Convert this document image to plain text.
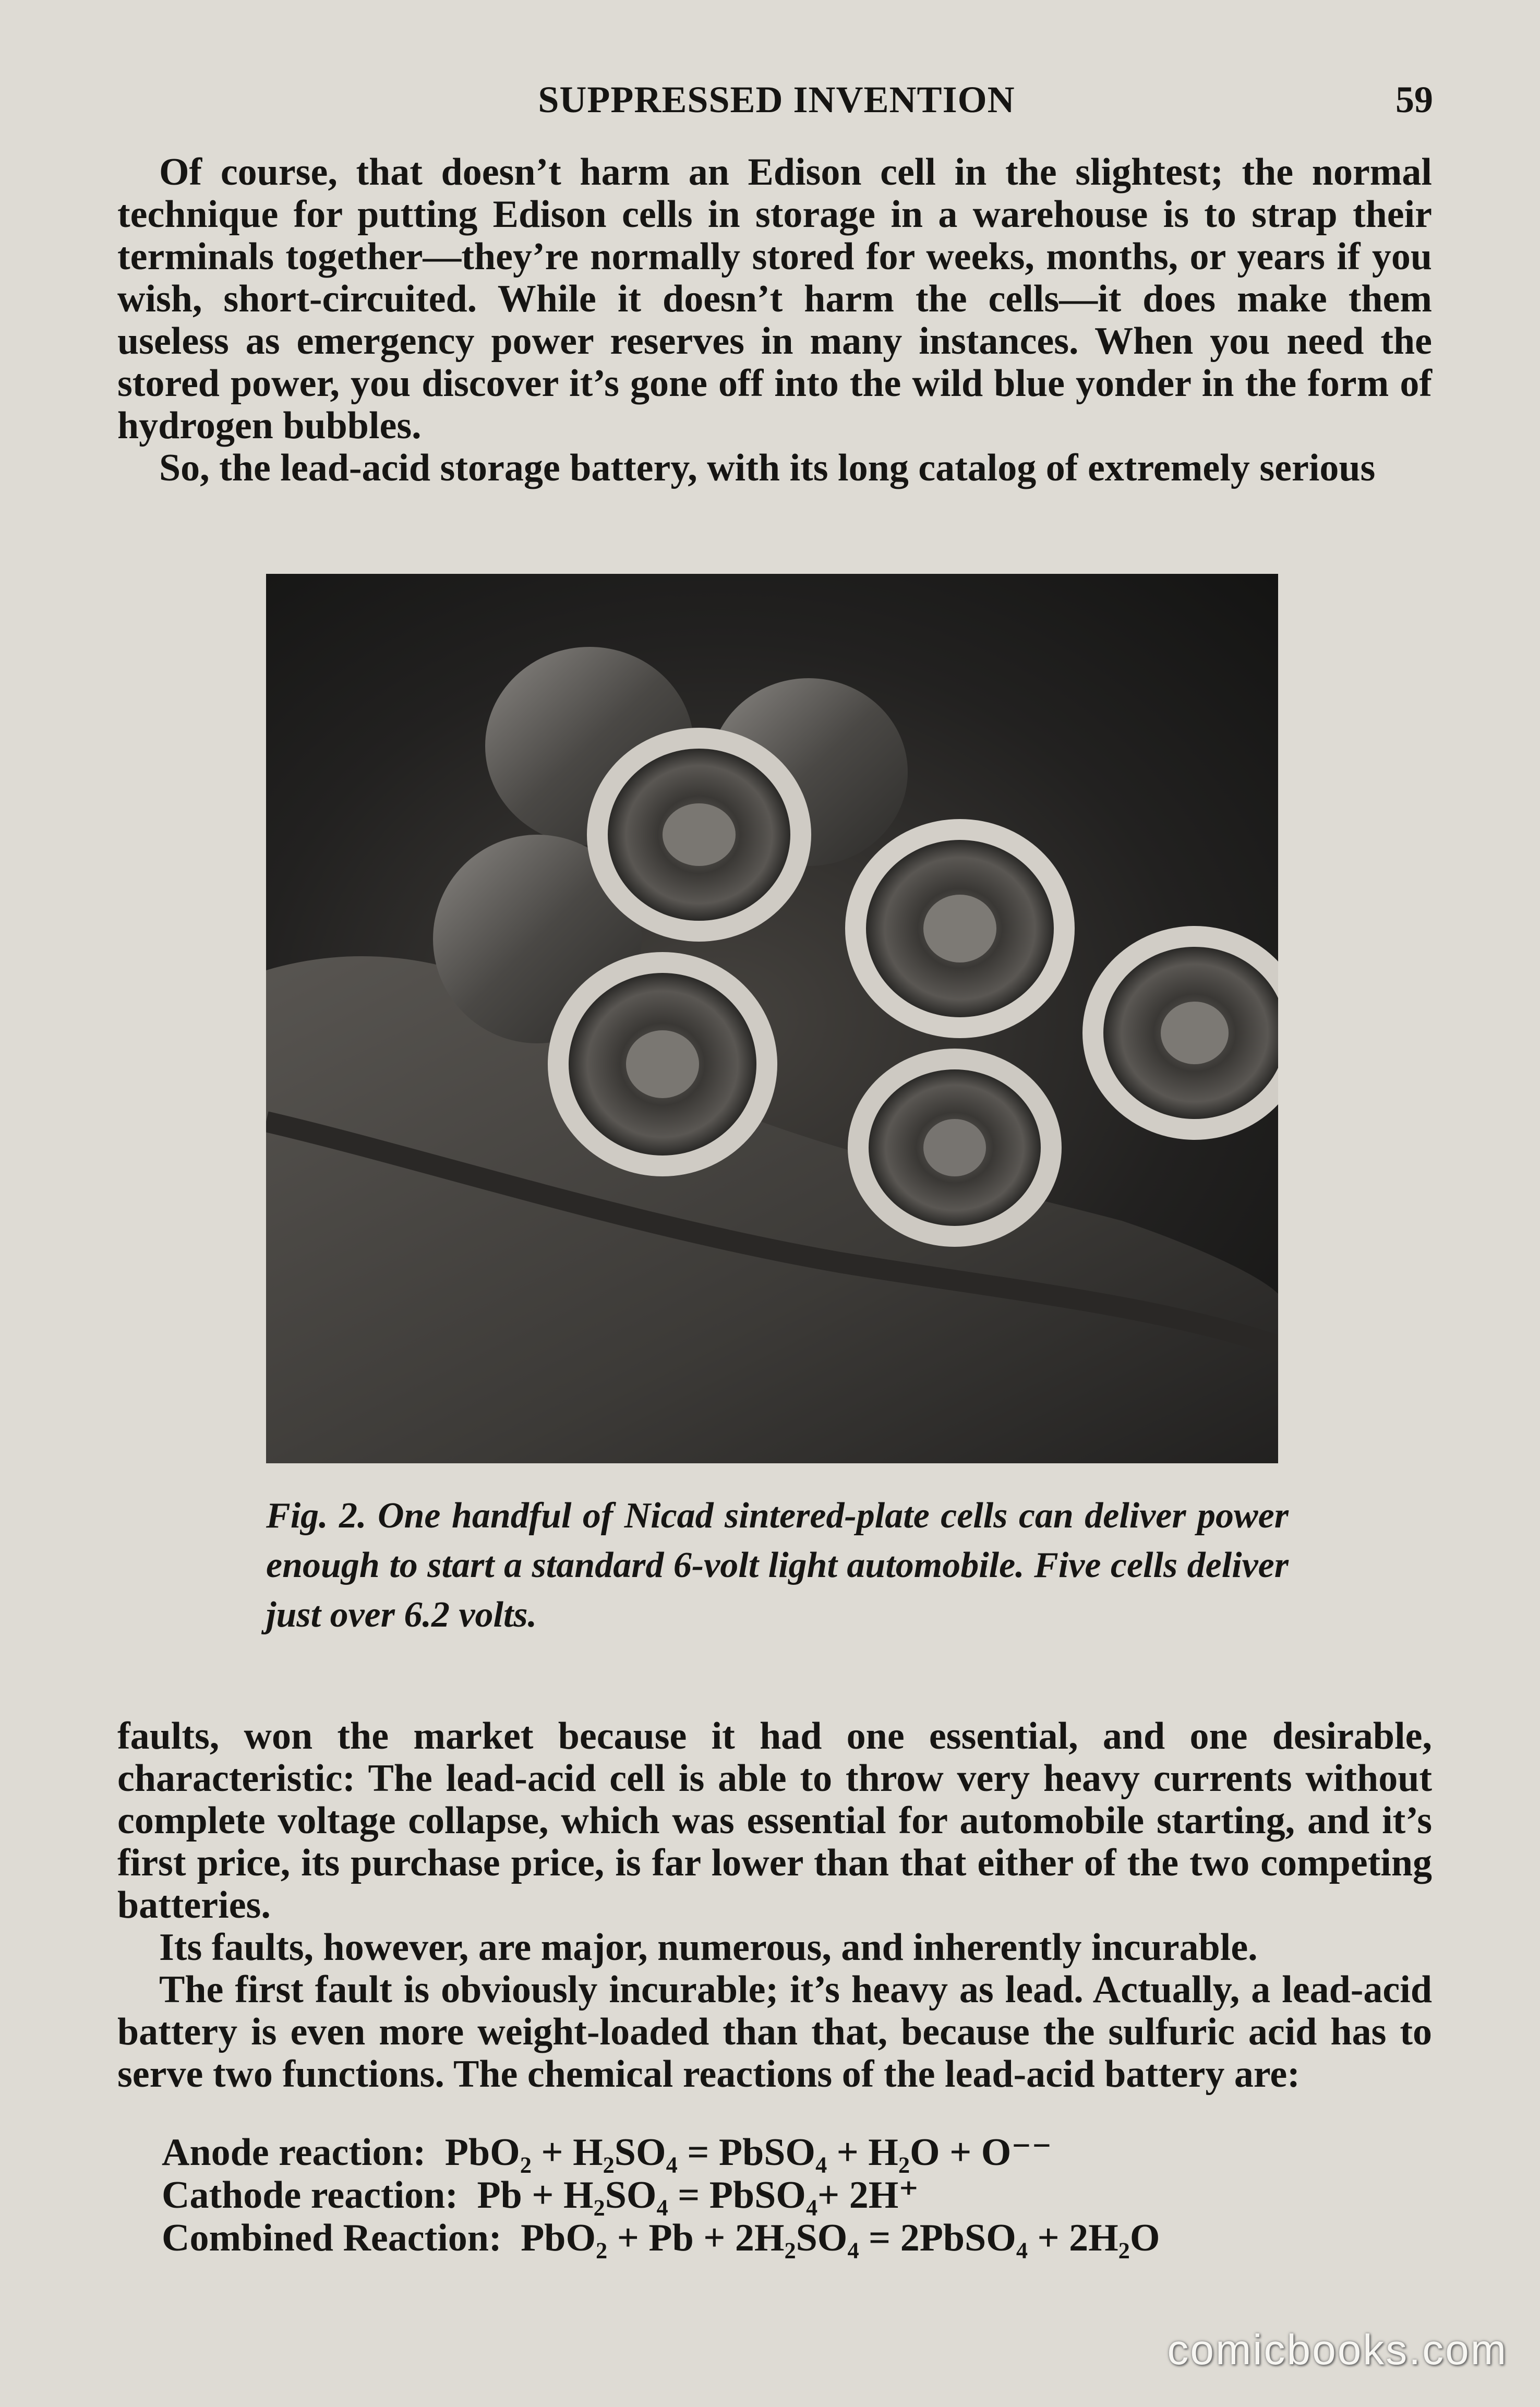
SUPPRESSED INVENTION	59

Of course, that doesn’t harm an Edison cell in the slightest; the normal technique for putting Edison cells in storage in a warehouse is to strap their terminals together—they’re normally stored for weeks, months, or years if you wish, short-circuited. While it doesn’t harm the cells—it does make them useless as emergency power reserves in many instances. When you need the stored power, you discover it’s gone off into the wild blue yonder in the form of hydrogen bubbles.

So, the lead-acid storage battery, with its long catalog of extremely serious

Fig. 2. One handful of Nicad sintered-plate cells can deliver power enough to start a standard 6-volt light automobile. Five cells deliver just over 6.2 volts.

faults, won the market because it had one essential, and one desirable, characteristic: The lead-acid cell is able to throw very heavy currents without complete voltage collapse, which was essential for automobile starting, and it’s first price, its purchase price, is far lower than that either of the two competing batteries.

Its faults, however, are major, numerous, and inherently incurable.

The first fault is obviously incurable; it’s heavy as lead. Actually, a lead-acid battery is even more weight-loaded than that, because the sulfuric acid has to serve two functions. The chemical reactions of the lead-acid battery are:

Anode reaction: PbO₂ + H₂SO₄ = PbSO₄ + H₂O + O⁻⁻
Cathode reaction: Pb + H₂SO₄ = PbSO₄+ 2H⁺
Combined Reaction: PbO₂ + Pb + 2H₂SO₄ = 2PbSO₄ + 2H₂O
comicbooks.com
